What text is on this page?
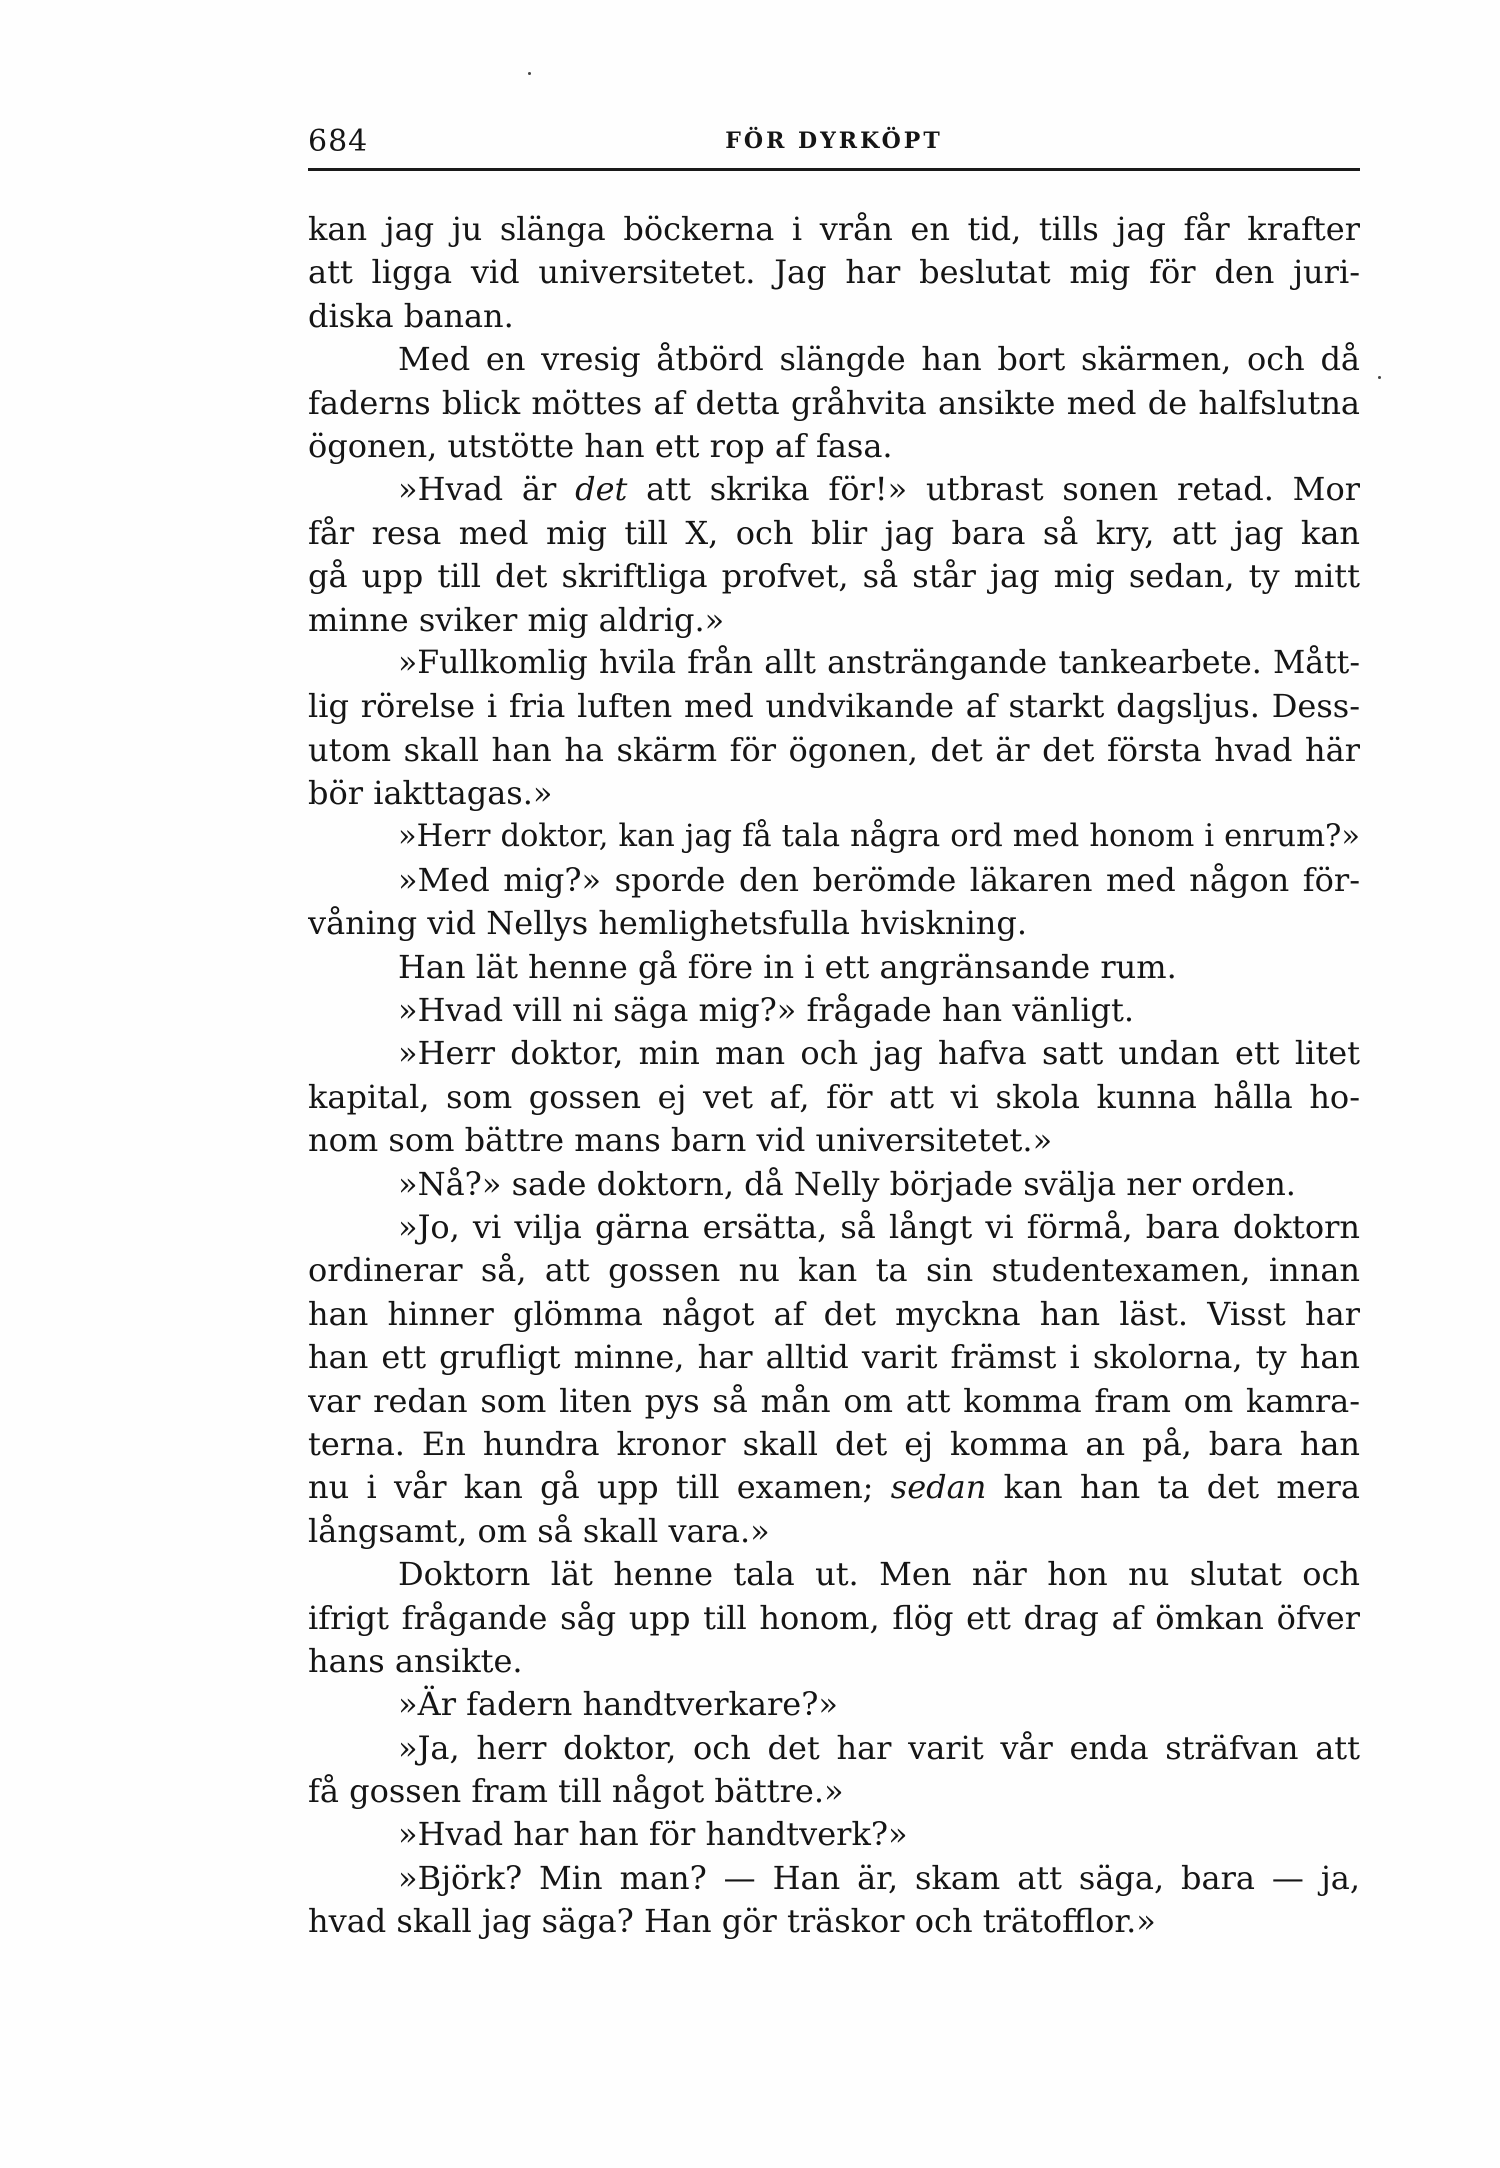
684	FÖR DYRKÖPT
kan jag ju slänga böckerna i vrån en tid, tills jag får krafter
att ligga vid universitetet. Jag har beslutat mig för den juri-
diska banan.
Med en vresig åtbörd slängde han bort skärmen, och då
faderns blick möttes af detta gråhvita ansikte med de halfslutna
ögonen, utstötte han ett rop af fasa.
»Hvad är det att skrika för!» utbrast sonen retad. Mor
får resa med mig till X, och blir jag bara så kry, att jag kan
gå upp till det skriftliga profvet, så står jag mig sedan, ty mitt
minne sviker mig aldrig.»
»Fullkomlig hvila från allt ansträngande tankearbete. Mått-
lig rörelse i fria luften med undvikande af starkt dagsljus. Dess-
utom skall han ha skärm för ögonen, det är det första hvad här
bör iakttagas.»
»Herr doktor, kan jag få tala några ord med honom i enrum?»
»Med mig?» sporde den berömde läkaren med någon för-
våning vid Nellys hemlighetsfulla hviskning.
Han lät henne gå före in i ett angränsande rum.
»Hvad vill ni säga mig?» frågade han vänligt.
»Herr doktor, min man och jag hafva satt undan ett litet
kapital, som gossen ej vet af, för att vi skola kunna hålla ho-
nom som bättre mans barn vid universitetet.»
»Nå?» sade doktorn, då Nelly började svälja ner orden.
»Jo, vi vilja gärna ersätta, så långt vi förmå, bara doktorn
ordinerar så, att gossen nu kan ta sin studentexamen, innan
han hinner glömma något af det myckna han läst. Visst har
han ett grufligt minne, har alltid varit främst i skolorna, ty han
var redan som liten pys så mån om att komma fram om kamra-
terna. En hundra kronor skall det ej komma an på, bara han
nu i vår kan gå upp till examen; sedan kan han ta det mera
långsamt, om så skall vara.»
Doktorn lät henne tala ut. Men när hon nu slutat och
ifrigt frågande såg upp till honom, flög ett drag af ömkan öfver
hans ansikte.
»Är fadern handtverkare?»
»Ja, herr doktor, och det har varit vår enda sträfvan att
få gossen fram till något bättre.»
»Hvad har han för handtverk?»
»Björk? Min man? — Han är, skam att säga, bara — ja,
hvad skall jag säga? Han gör träskor och trätofflor.»
